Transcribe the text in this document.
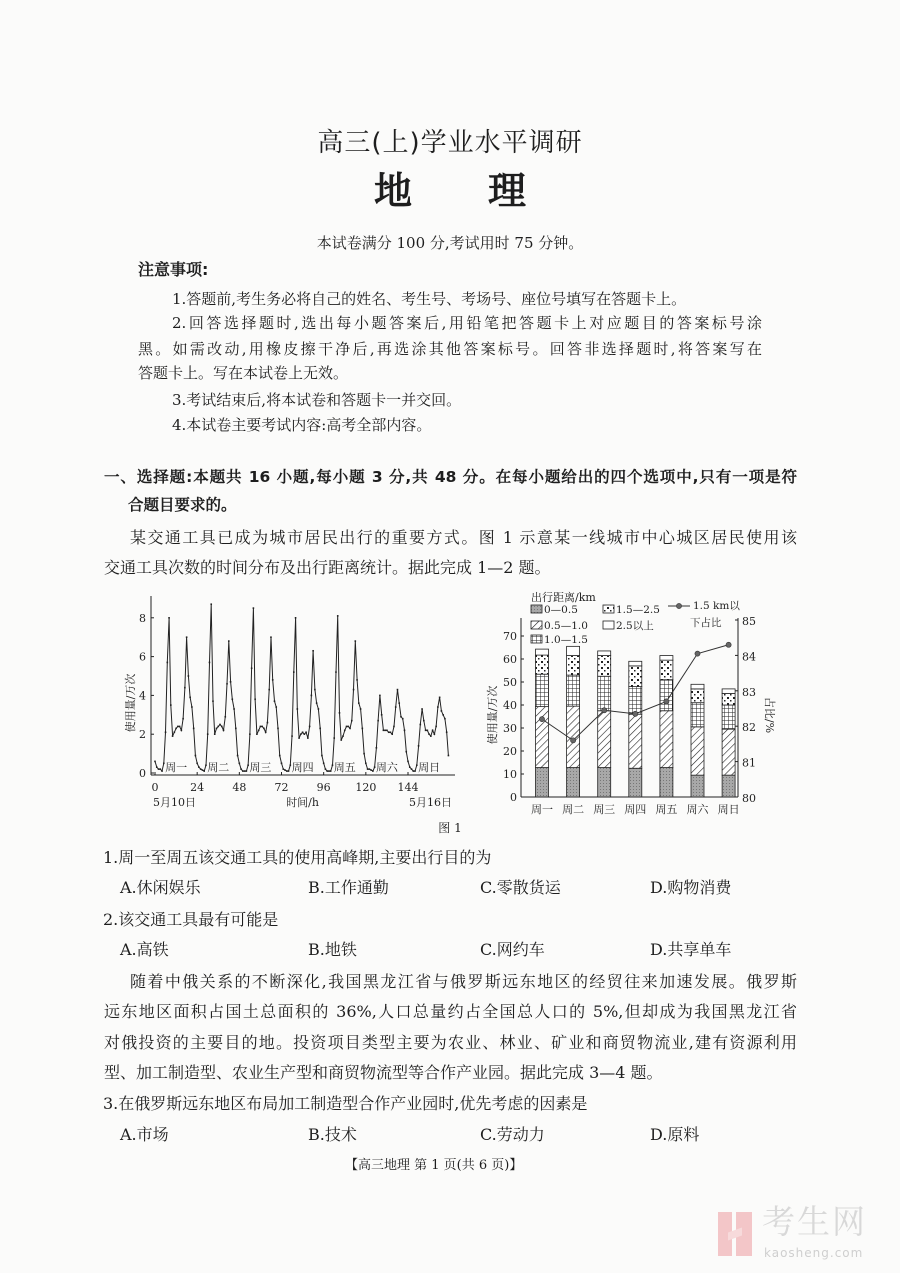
高三(上)学业水平调研
地　　理
本试卷满分 100 分,考试用时 75 分钟。
注意事项:
1.答题前,考生务必将自己的姓名、考生号、考场号、座位号填写在答题卡上。
2.回答选择题时,选出每小题答案后,用铅笔把答题卡上对应题目的答案标号涂
黑。如需改动,用橡皮擦干净后,再选涂其他答案标号。回答非选择题时,将答案写在
答题卡上。写在本试卷上无效。
3.考试结束后,将本试卷和答题卡一并交回。
4.本试卷主要考试内容:高考全部内容。
一、选择题:本题共 16 小题,每小题 3 分,共 48 分。在每小题给出的四个选项中,只有一项是符
合题目要求的。
某交通工具已成为城市居民出行的重要方式。图 1 示意某一线城市中心城区居民使用该
交通工具次数的时间分布及出行距离统计。据此完成 1—2 题。
0
2
4
6
8
0	24	48	72	96 120 144
使用量/万次
时间/h
5月10日	5月16日
周一 周二 周三 周四 周五 周六 周日
出行距离/km
0—0.5
0.5—1.0
1.0—1.5
1.5—2.5
2.5以上
1.5 km以
下占比
0
10
20
30
40
50
60
70
80
81
82
83
84
85
使用量/万次	占比/%
周一 周二 周三 周四 周五 周六 周日
图 1
1.周一至周五该交通工具的使用高峰期,主要出行目的为
A.休闲娱乐	B.工作通勤	C.零散货运	D.购物消费
2.该交通工具最有可能是
A.高铁	B.地铁	C.网约车	D.共享单车
随着中俄关系的不断深化,我国黑龙江省与俄罗斯远东地区的经贸往来加速发展。俄罗斯
远东地区面积占国土总面积的 36%,人口总量约占全国总人口的 5%,但却成为我国黑龙江省
对俄投资的主要目的地。投资项目类型主要为农业、林业、矿业和商贸物流业,建有资源利用
型、加工制造型、农业生产型和商贸物流型等合作产业园。据此完成 3—4 题。
3.在俄罗斯远东地区布局加工制造型合作产业园时,优先考虑的因素是
A.市场	B.技术	C.劳动力	D.原料
【高三地理 第 1 页(共 6 页)】
考生网
kaosheng.com
